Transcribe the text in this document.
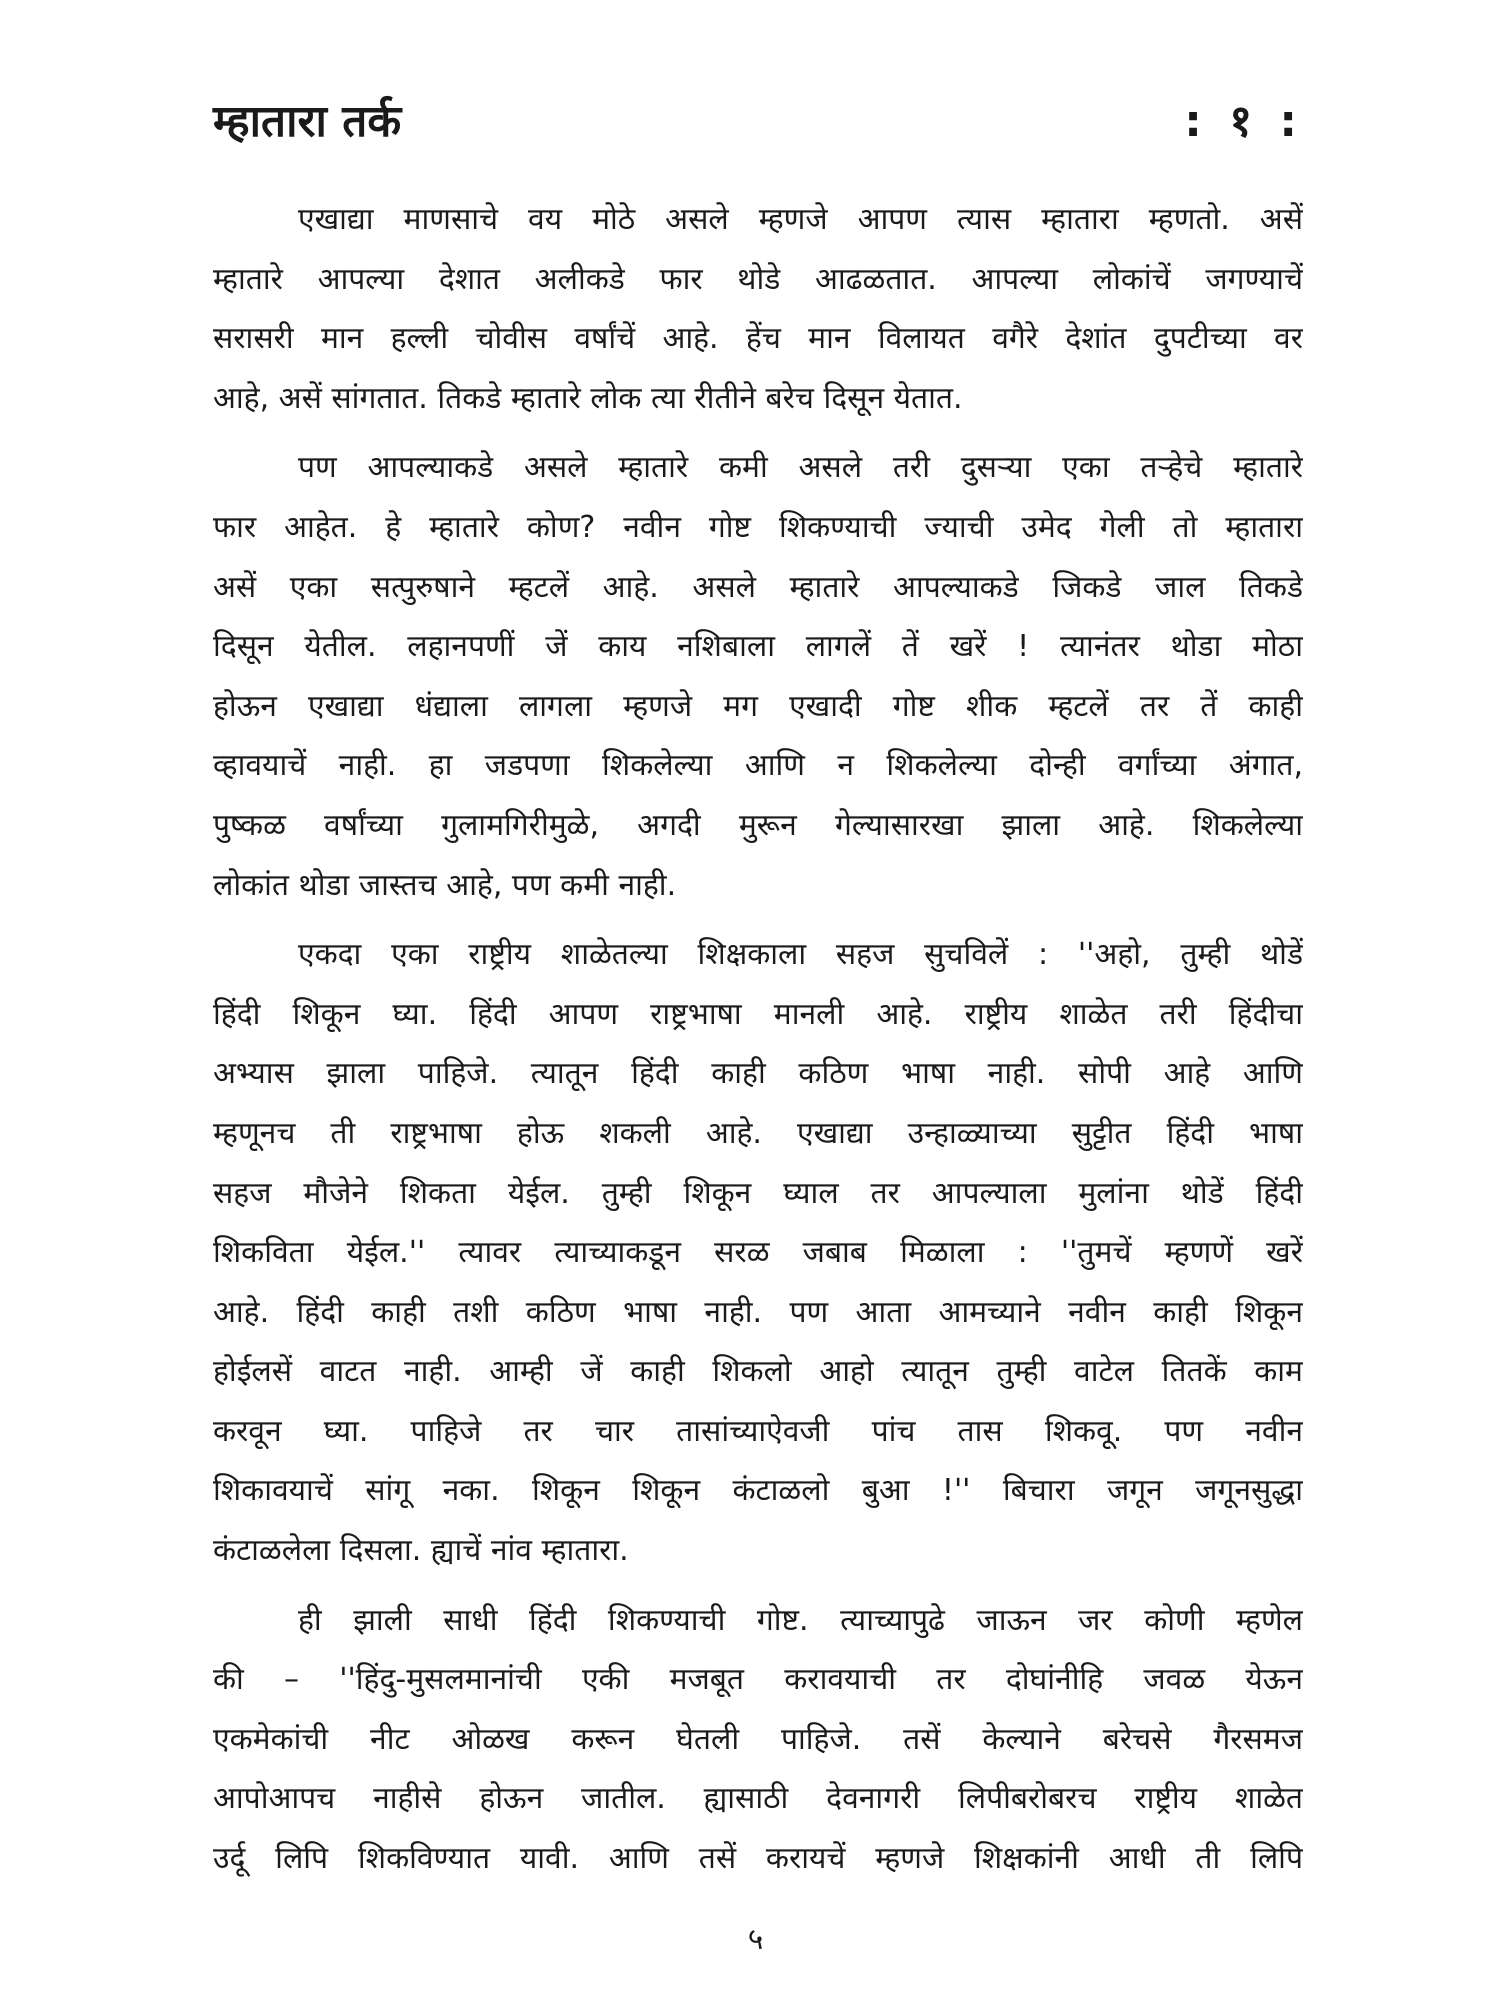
म्हातारा तर्क	: १ :
एखाद्या माणसाचे वय मोठे असले म्हणजे आपण त्यास म्हातारा म्हणतो. असें
म्हातारे आपल्या देशात अलीकडे फार थोडे आढळतात. आपल्या लोकांचें जगण्याचें
सरासरी मान हल्ली चोवीस वर्षांचें आहे. हेंच मान विलायत वगैरे देशांत दुपटीच्या वर
आहे, असें सांगतात. तिकडे म्हातारे लोक त्या रीतीने बरेच दिसून येतात.
पण आपल्याकडे असले म्हातारे कमी असले तरी दुसऱ्या एका तऱ्हेचे म्हातारे
फार आहेत. हे म्हातारे कोण? नवीन गोष्ट शिकण्याची ज्याची उमेद गेली तो म्हातारा
असें एका सत्पुरुषाने म्हटलें आहे. असले म्हातारे आपल्याकडे जिकडे जाल तिकडे
दिसून येतील. लहानपणीं जें काय नशिबाला लागलें तें खरें ! त्यानंतर थोडा मोठा
होऊन एखाद्या धंद्याला लागला म्हणजे मग एखादी गोष्ट शीक म्हटलें तर तें काही
व्हावयाचें नाही. हा जडपणा शिकलेल्या आणि न शिकलेल्या दोन्ही वर्गांच्या अंगात,
पुष्कळ वर्षांच्या गुलामगिरीमुळे, अगदी मुरून गेल्यासारखा झाला आहे. शिकलेल्या
लोकांत थोडा जास्तच आहे, पण कमी नाही.
एकदा एका राष्ट्रीय शाळेतल्या शिक्षकाला सहज सुचविलें : ''अहो, तुम्ही थोडें
हिंदी शिकून घ्या. हिंदी आपण राष्ट्रभाषा मानली आहे. राष्ट्रीय शाळेत तरी हिंदीचा
अभ्यास झाला पाहिजे. त्यातून हिंदी काही कठिण भाषा नाही. सोपी आहे आणि
म्हणूनच ती राष्ट्रभाषा होऊ शकली आहे. एखाद्या उन्हाळ्याच्या सुट्टीत हिंदी भाषा
सहज मौजेने शिकता येईल. तुम्ही शिकून घ्याल तर आपल्याला मुलांना थोडें हिंदी
शिकविता येईल.'' त्यावर त्याच्याकडून सरळ जबाब मिळाला : ''तुमचें म्हणणें खरें
आहे. हिंदी काही तशी कठिण भाषा नाही. पण आता आमच्याने नवीन काही शिकून
होईलसें वाटत नाही. आम्ही जें काही शिकलो आहो त्यातून तुम्ही वाटेल तितकें काम
करवून घ्या. पाहिजे तर चार तासांच्याऐवजी पांच तास शिकवू. पण नवीन
शिकावयाचें सांगू नका. शिकून शिकून कंटाळलो बुआ !'' बिचारा जगून जगूनसुद्धा
कंटाळलेला दिसला. ह्याचें नांव म्हातारा.
ही झाली साधी हिंदी शिकण्याची गोष्ट. त्याच्यापुढे जाऊन जर कोणी म्हणेल
की – ''हिंदु-मुसलमानांची एकी मजबूत करावयाची तर दोघांनीहि जवळ येऊन
एकमेकांची नीट ओळख करून घेतली पाहिजे. तसें केल्याने बरेचसे गैरसमज
आपोआपच नाहीसे होऊन जातील. ह्यासाठी देवनागरी लिपीबरोबरच राष्ट्रीय शाळेत
उर्दू लिपि शिकविण्यात यावी. आणि तसें करायचें म्हणजे शिक्षकांनी आधी ती लिपि
५
